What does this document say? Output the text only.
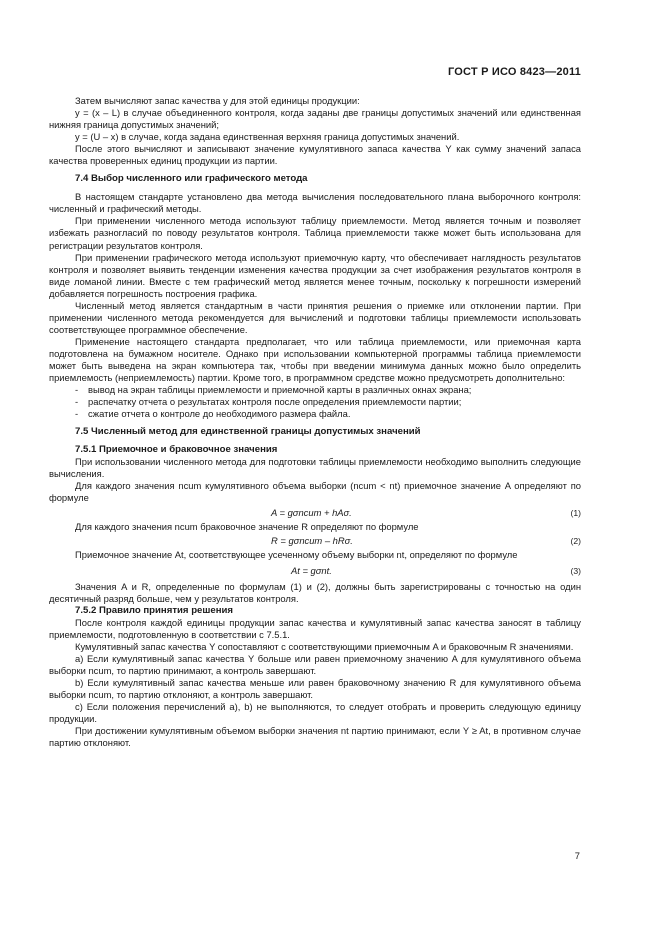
ГОСТ Р ИСО 8423—2011

Затем вычисляют запас качества у для этой единицы продукции:

y = (x – L) в случае объединенного контроля, когда заданы две границы допустимых значений или единственная нижняя граница допустимых значений;

y = (U – x) в случае, когда задана единственная верхняя граница допустимых значений.

После этого вычисляют и записывают значение кумулятивного запаса качества Y как сумму значений запаса качества проверенных единиц продукции из партии.

7.4 Выбор численного или графического метода

В настоящем стандарте установлено два метода вычисления последовательного плана выборочного контроля: численный и графический методы.

При применении численного метода используют таблицу приемлемости. Метод является точным и позволяет избежать разногласий по поводу результатов контроля. Таблица приемлемости также может быть использована для регистрации результатов контроля.

При применении графического метода используют приемочную карту, что обеспечивает наглядность результатов контроля и позволяет выявить тенденции изменения качества продукции за счет изображения результатов контроля в виде ломаной линии. Вместе с тем графический метод является менее точным, поскольку к погрешности измерений добавляется погрешность построения графика.

Численный метод является стандартным в части принятия решения о приемке или отклонении партии. При применении численного метода рекомендуется для вычислений и подготовки таблицы приемлемости использовать соответствующее программное обеспечение.

Применение настоящего стандарта предполагает, что или таблица приемлемости, или приемочная карта подготовлена на бумажном носителе. Однако при использовании компьютерной программы таблица приемлемости может быть выведена на экран компьютера так, чтобы при введении минимума данных можно было определить приемлемость (неприемлемость) партии. Кроме того, в программном средстве можно предусмотреть дополнительно:

- вывод на экран таблицы приемлемости и приемочной карты в различных окнах экрана;

- распечатку отчета о результатах контроля после определения приемлемости партии;

- сжатие отчета о контроле до необходимого размера файла.

7.5 Численный метод для единственной границы допустимых значений

7.5.1 Приемочное и браковочное значения

При использовании численного метода для подготовки таблицы приемлемости необходимо выполнить следующие вычисления.

Для каждого значения ncum кумулятивного объема выборки (ncum < nt) приемочное значение A определяют по формуле

A = gσncum + hAσ.	(1)

Для каждого значения ncum браковочное значение R определяют по формуле

R = gσncum – hRσ.	(2)

Приемочное значение At, соответствующее усеченному объему выборки nt, определяют по формуле

At = gσnt.	(3)

Значения A и R, определенные по формулам (1) и (2), должны быть зарегистрированы с точностью на один десятичный разряд больше, чем у результатов контроля.

7.5.2 Правило принятия решения

После контроля каждой единицы продукции запас качества и кумулятивный запас качества заносят в таблицу приемлемости, подготовленную в соответствии с 7.5.1.

Кумулятивный запас качества Y сопоставляют с соответствующими приемочным A и браковочным R значениями.

a) Если кумулятивный запас качества Y больше или равен приемочному значению A для кумулятивного объема выборки ncum, то партию принимают, а контроль завершают.

b) Если кумулятивный запас качества меньше или равен браковочному значению R для кумулятивного объема выборки ncum, то партию отклоняют, а контроль завершают.

c) Если положения перечислений a), b) не выполняются, то следует отобрать и проверить следующую единицу продукции.

При достижении кумулятивным объемом выборки значения nt партию принимают, если Y ≥ At, в противном случае партию отклоняют.

7
